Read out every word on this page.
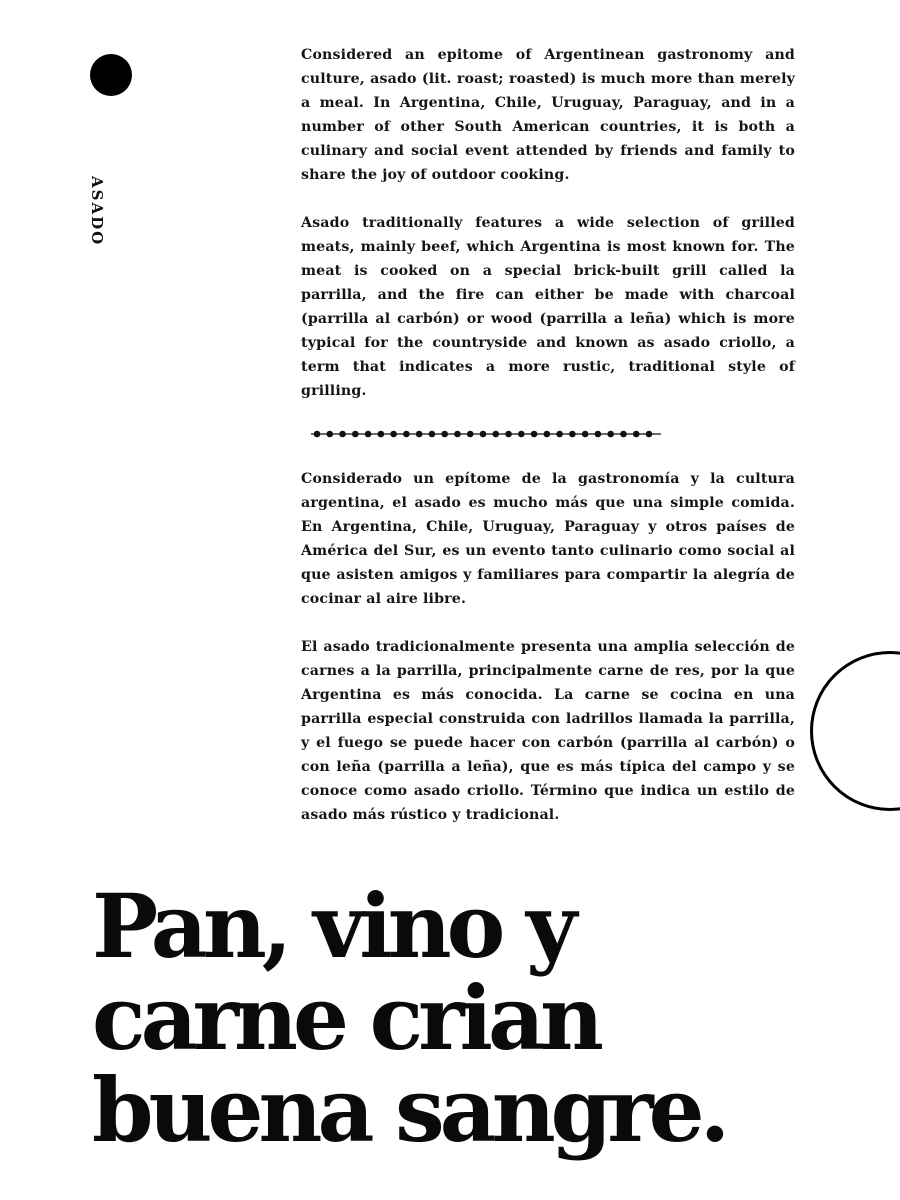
ASADO

Considered an epitome of Argentinean gastronomy and culture, asado (lit. roast; roasted) is much more than merely a meal. In Argentina, Chile, Uruguay, Paraguay, and in a number of other South American countries, it is both a culinary and social event attended by friends and family to share the joy of outdoor cooking.

Asado traditionally features a wide selection of grilled meats, mainly beef, which Argentina is most known for. The meat is cooked on a special brick-built grill called la parrilla, and the fire can either be made with charcoal (parrilla al carbón) or wood (parrilla a leña) which is more typical for the countryside and known as asado criollo, a term that indicates a more rustic, traditional style of grilling.

Considerado un epítome de la gastronomía y la cultura argentina, el asado es mucho más que una simple comida. En Argentina, Chile, Uruguay, Paraguay y otros países de América del Sur, es un evento tanto culinario como social al que asisten amigos y familiares para compartir la alegría de cocinar al aire libre.

El asado tradicionalmente presenta una amplia selección de carnes a la parrilla, principalmente carne de res, por la que Argentina es más conocida. La carne se cocina en una parrilla especial construida con ladrillos llamada la parrilla, y el fuego se puede hacer con carbón (parrilla al carbón) o con leña (parrilla a leña), que es más típica del campo y se conoce como asado criollo. Término que indica un estilo de asado más rústico y tradicional.

Pan, vino y
carne crian
buena sangre.
